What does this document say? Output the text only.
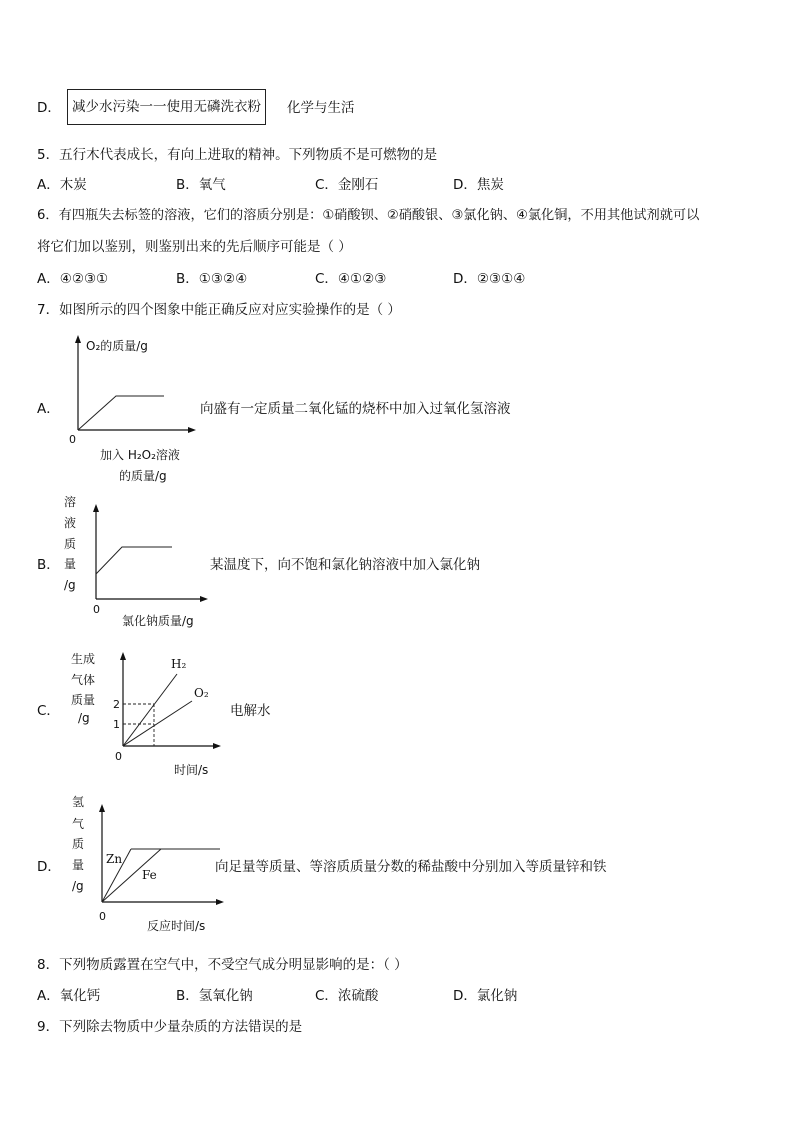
D． 减少水污染一一使用无磷洗衣粉	化学与生活
5．五行木代表成长，有向上进取的精神。下列物质不是可燃物的是
A．木炭	B．氧气	C．金刚石	D．焦炭
6．有四瓶失去标签的溶液，它们的溶质分别是：①硝酸钡、②硝酸银、③氯化钠、④氯化铜，不用其他试剂就可以
将它们加以鉴别，则鉴别出来的先后顺序可能是（ ）
A．④②③①	B．①③②④	C．④①②③	D．②③①④
7．如图所示的四个图象中能正确反应对应实验操作的是（ ）
A．
O₂的质量/g
0
加入 H₂O₂溶液
的质量/g
向盛有一定质量二氧化锰的烧杯中加入过氧化氢溶液
B．
溶
液
质
量
/g
0
氯化钠质量/g
某温度下，向不饱和氯化钠溶液中加入氯化钠
C．
生成
气体
质量
/g
2
1
0
H₂
O₂
时间/s
电解水
D．
氢
气
质
量
/g
Zn
Fe
0
反应时间/s
向足量等质量、等溶质质量分数的稀盐酸中分别加入等质量锌和铁
8．下列物质露置在空气中，不受空气成分明显影响的是：（ ）
A．氧化钙	B．氢氧化钠	C．浓硫酸	D．氯化钠
9．下列除去物质中少量杂质的方法错误的是
